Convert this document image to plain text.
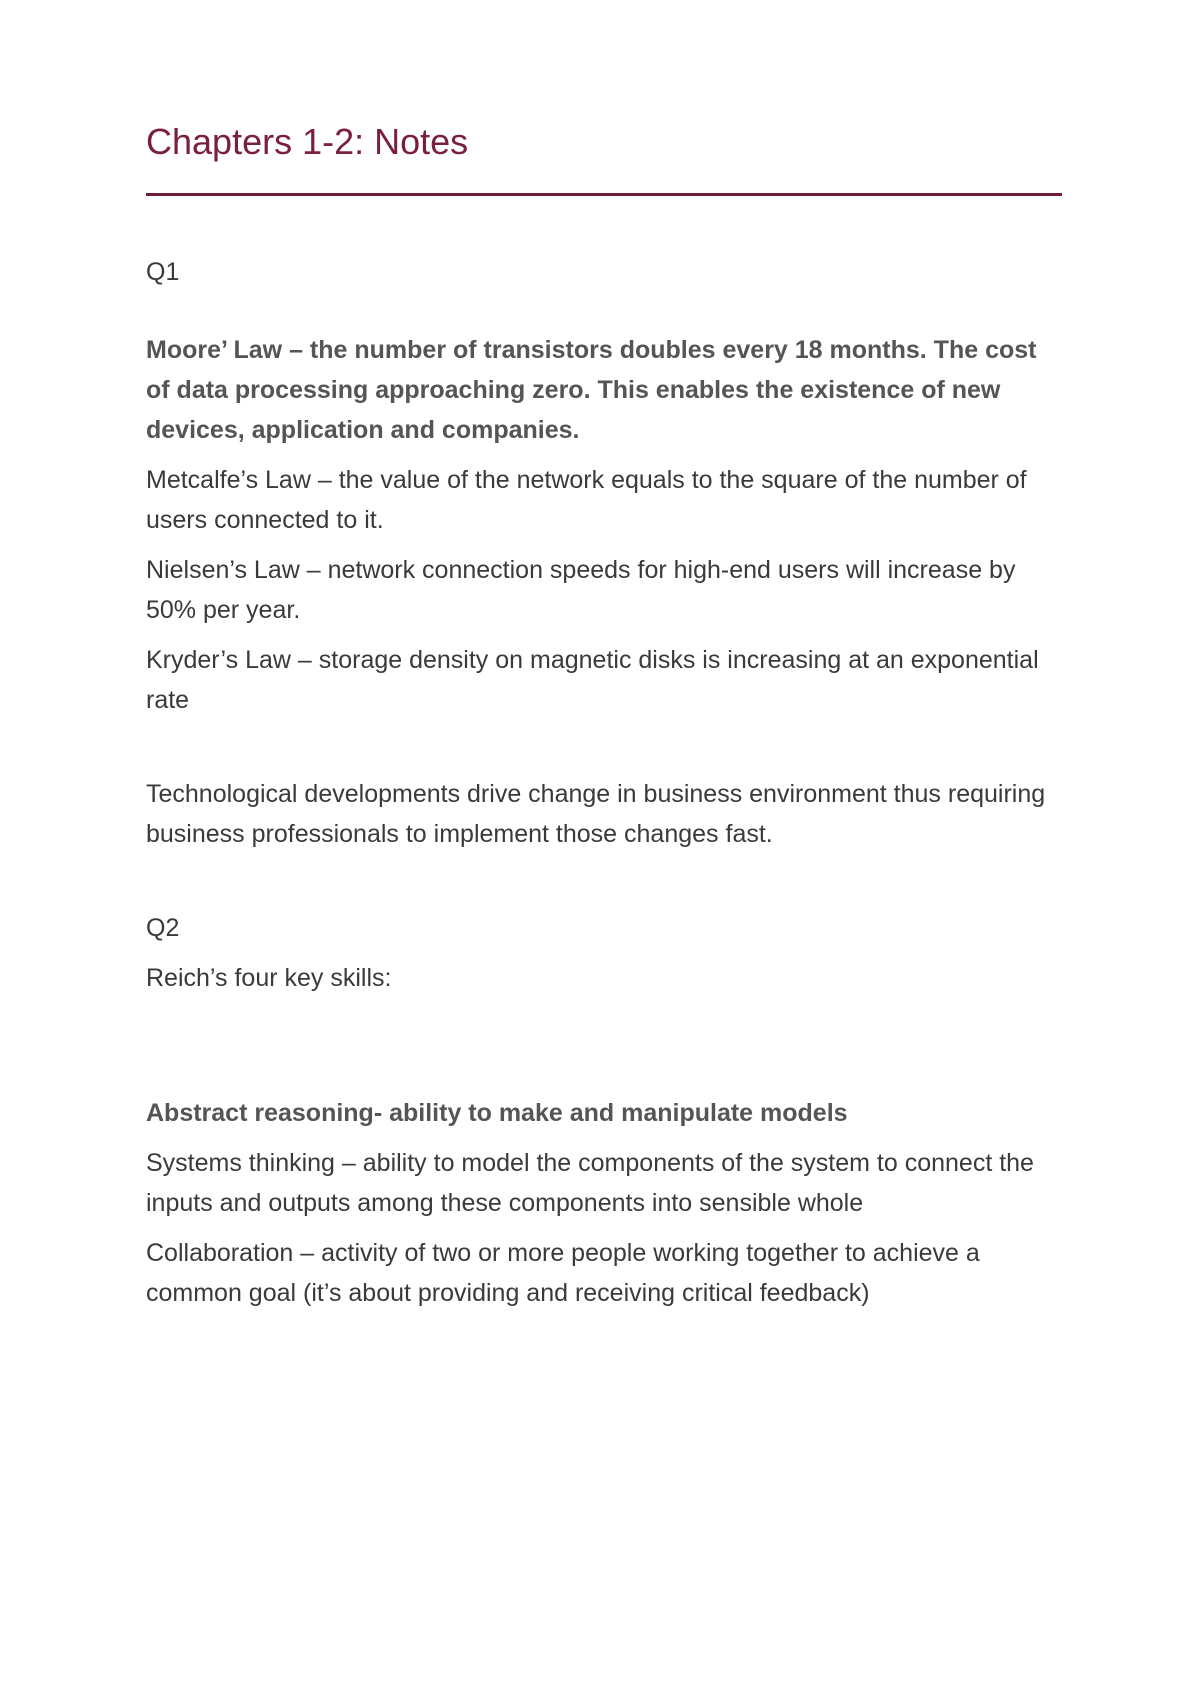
Chapters 1-2: Notes

Q1

Moore’ Law – the number of transistors doubles every 18 months. The cost of data processing approaching zero. This enables the existence of new devices, application and companies.

Metcalfe’s Law – the value of the network equals to the square of the number of users connected to it.

Nielsen’s Law – network connection speeds for high-end users will increase by 50% per year.

Kryder’s Law – storage density on magnetic disks is increasing at an exponential rate

Technological developments drive change in business environment thus requiring business professionals to implement those changes fast.

Q2

Reich’s four key skills:

Abstract reasoning- ability to make and manipulate models

Systems thinking – ability to model the components of the system to connect the inputs and outputs among these components into sensible whole

Collaboration – activity of two or more people working together to achieve a common goal (it’s about providing and receiving critical feedback)
